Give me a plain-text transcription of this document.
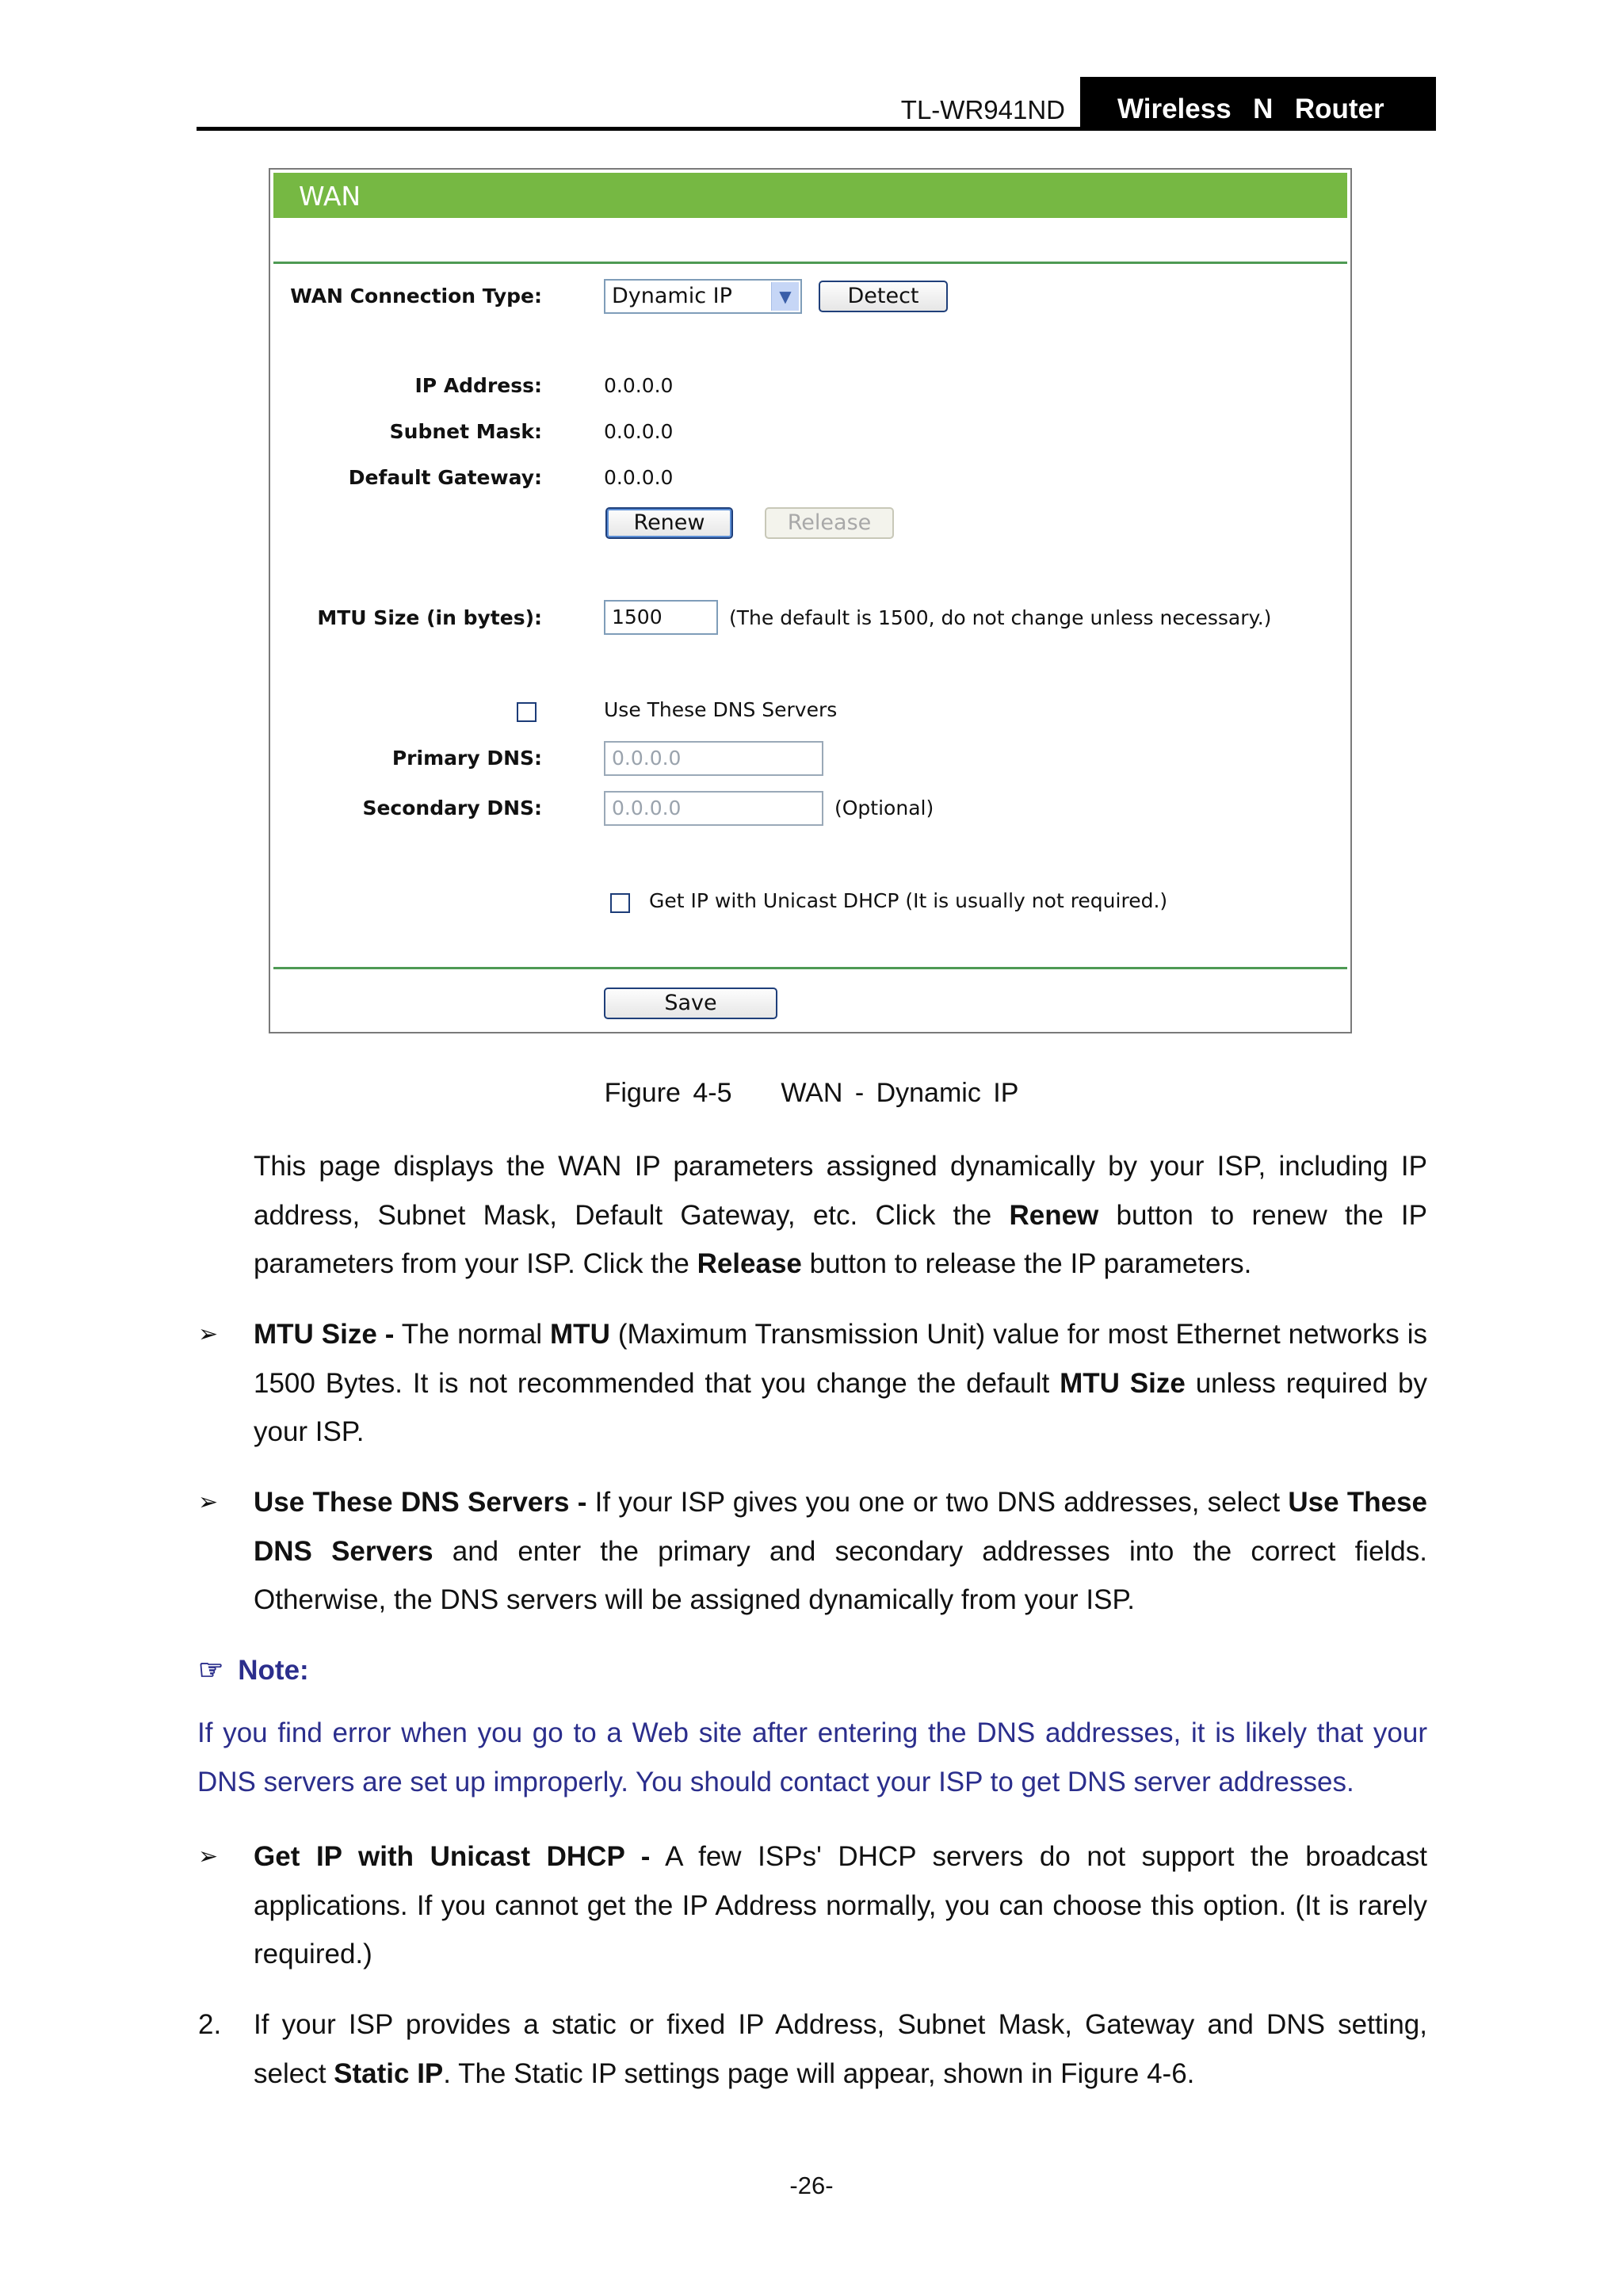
TL-WR941ND Wireless  N  Router
WAN
WAN Connection Type:	Dynamic IP	▼	Detect
IP Address:	0.0.0.0
Subnet Mask:	0.0.0.0
Default Gateway:	0.0.0.0
Renew	Release
MTU Size (in bytes):	1500	(The default is 1500, do not change unless necessary.)
Use These DNS Servers
Primary DNS:	0.0.0.0
Secondary DNS:	0.0.0.0	(Optional)
Get IP with Unicast DHCP (It is usually not required.)
Save
Figure 4-5    WAN - Dynamic IP
This page displays the WAN IP parameters assigned dynamically by your ISP, including IP address, Subnet Mask, Default Gateway, etc. Click the Renew button to renew the IP parameters from your ISP. Click the Release button to release the IP parameters.
➢ MTU Size - The normal MTU (Maximum Transmission Unit) value for most Ethernet networks is 1500 Bytes. It is not recommended that you change the default MTU Size unless required by your ISP.
➢ Use These DNS Servers - If your ISP gives you one or two DNS addresses, select Use These DNS Servers and enter the primary and secondary addresses into the correct fields. Otherwise, the DNS servers will be assigned dynamically from your ISP.
☞ Note:
If you find error when you go to a Web site after entering the DNS addresses, it is likely that your DNS servers are set up improperly. You should contact your ISP to get DNS server addresses.
➢ Get IP with Unicast DHCP - A few ISPs' DHCP servers do not support the broadcast applications. If you cannot get the IP Address normally, you can choose this option. (It is rarely required.)
2.	If your ISP provides a static or fixed IP Address, Subnet Mask, Gateway and DNS setting, select Static IP. The Static IP settings page will appear, shown in Figure 4-6.
-26-
